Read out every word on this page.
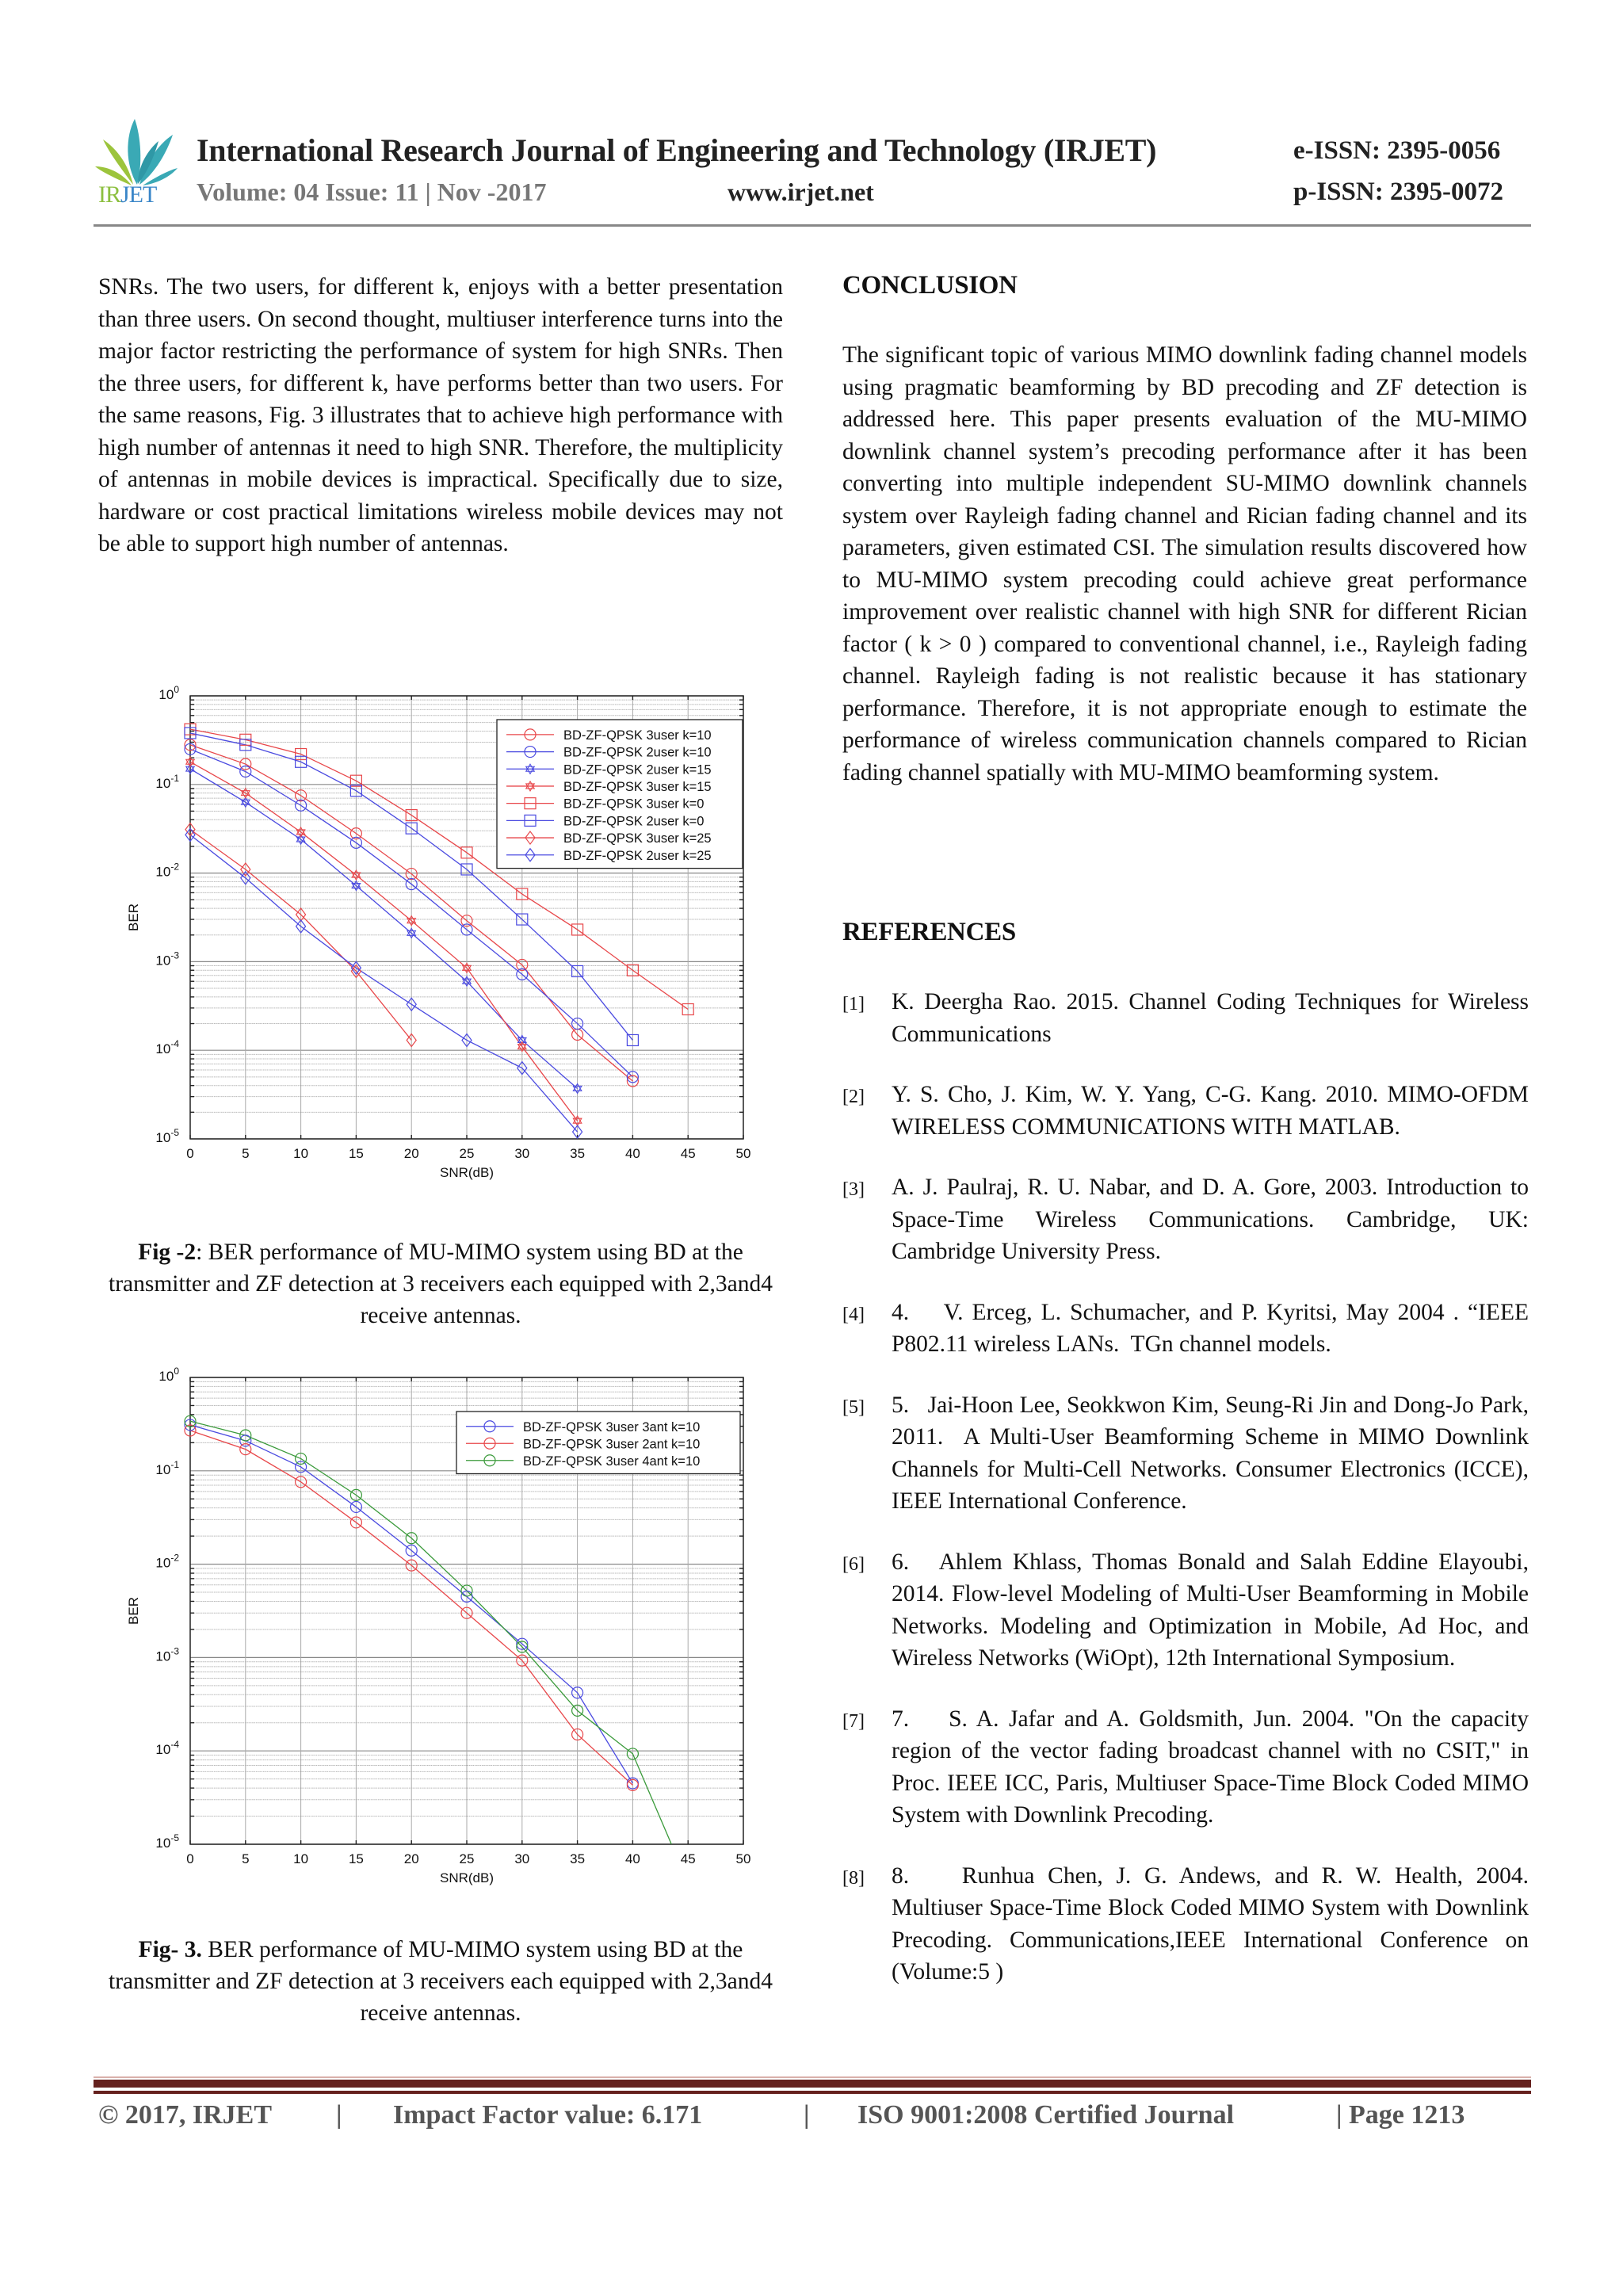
IRJET
International Research Journal of Engineering and Technology (IRJET)	e-ISSN: 2395-0056
Volume: 04 Issue: 11 | Nov -2017	www.irjet.net	p-ISSN: 2395-0072
SNRs. The two users, for different k, enjoys with a better presentation than three users. On second thought, multiuser interference turns into the major factor restricting the performance of system for high SNRs. Then the three users, for different k, have performs better than two users. For the same reasons, Fig. 3 illustrates that to achieve high performance with high number of antennas it need to high SNR. Therefore, the multiplicity of antennas in mobile devices is impractical. Specifically due to size, hardware or cost practical limitations wireless mobile devices may not be able to support high number of antennas.
0	5	10	15	20	25	30	35	40	45	50
$10^0$
$10^{-1}$
$10^{-2}$
$10^{-3}$
$10^{-4}$
$10^{-5}$
SNR(dB)
BER
BD-ZF-QPSK 3user k=10
BD-ZF-QPSK 2user k=10
BD-ZF-QPSK 2user k=15
BD-ZF-QPSK 3user k=15
BD-ZF-QPSK 3user k=0
BD-ZF-QPSK 2user k=0
BD-ZF-QPSK 3user k=25
BD-ZF-QPSK 2user k=25
Fig -2: BER performance of MU-MIMO system using BD at the transmitter and ZF detection at 3 receivers each equipped with 2,3and4 receive antennas.
0	5	10	15	20	25	30	35	40	45	50
$10^0$
$10^{-1}$
$10^{-2}$
$10^{-3}$
$10^{-4}$
$10^{-5}$
SNR(dB)
BER
BD-ZF-QPSK 3user 3ant k=10
BD-ZF-QPSK 3user 2ant k=10
BD-ZF-QPSK 3user 4ant k=10
Fig- 3. BER performance of MU-MIMO system using BD at the transmitter and ZF detection at 3 receivers each equipped with 2,3and4 receive antennas.
CONCLUSION
The significant topic of various MIMO downlink fading channel models using pragmatic beamforming by BD precoding and ZF detection is addressed here. This paper presents evaluation of the MU-MIMO downlink channel system’s precoding performance after it has been converting into multiple independent SU-MIMO downlink channels system over Rayleigh fading channel and Rician fading channel and its parameters, given estimated CSI. The simulation results discovered how to MU-MIMO system precoding could achieve great performance improvement over realistic channel with high SNR for different Rician factor ( k > 0 ) compared to conventional channel, i.e., Rayleigh fading channel. Rayleigh fading is not realistic because it has stationary performance. Therefore, it is not appropriate enough to estimate the performance of wireless communication channels compared to Rician fading channel spatially with MU-MIMO beamforming system.
REFERENCES
[1]	K. Deergha Rao. 2015. Channel Coding Techniques for Wireless Communications
[2]	Y. S. Cho, J. Kim, W. Y. Yang, C-G. Kang. 2010. MIMO-OFDM WIRELESS COMMUNICATIONS WITH MATLAB.
[3]	A. J. Paulraj, R. U. Nabar, and D. A. Gore, 2003. Introduction to Space-Time Wireless Communications. Cambridge, UK: Cambridge University Press.
[4]	4.    V. Erceg, L. Schumacher, and P. Kyritsi, May 2004 . “IEEE P802.11 wireless LANs.  TGn channel models.
[5]	5.   Jai-Hoon Lee, Seokkwon Kim, Seung-Ri Jin and Dong-Jo Park, 2011.  A Multi-User Beamforming Scheme in MIMO Downlink Channels for Multi-Cell Networks. Consumer Electronics (ICCE), IEEE International Conference.
[6]	6.   Ahlem Khlass, Thomas Bonald and Salah Eddine Elayoubi, 2014. Flow-level Modeling of Multi-User Beamforming in Mobile Networks. Modeling and Optimization in Mobile, Ad Hoc, and Wireless Networks (WiOpt), 12th International Symposium.
[7]	7.    S. A. Jafar and A. Goldsmith, Jun. 2004. "On the capacity region of the vector fading broadcast channel with no CSIT," in Proc. IEEE ICC, Paris, Multiuser Space-Time Block Coded MIMO System with Downlink Precoding.
[8]	8.    Runhua Chen, J. G. Andews, and R. W. Health, 2004. Multiuser Space-Time Block Coded MIMO System with Downlink Precoding. Communications,IEEE International Conference on  (Volume:5 )
© 2017, IRJET | Impact Factor value: 6.171	| ISO 9001:2008 Certified Journal	| Page 1213
